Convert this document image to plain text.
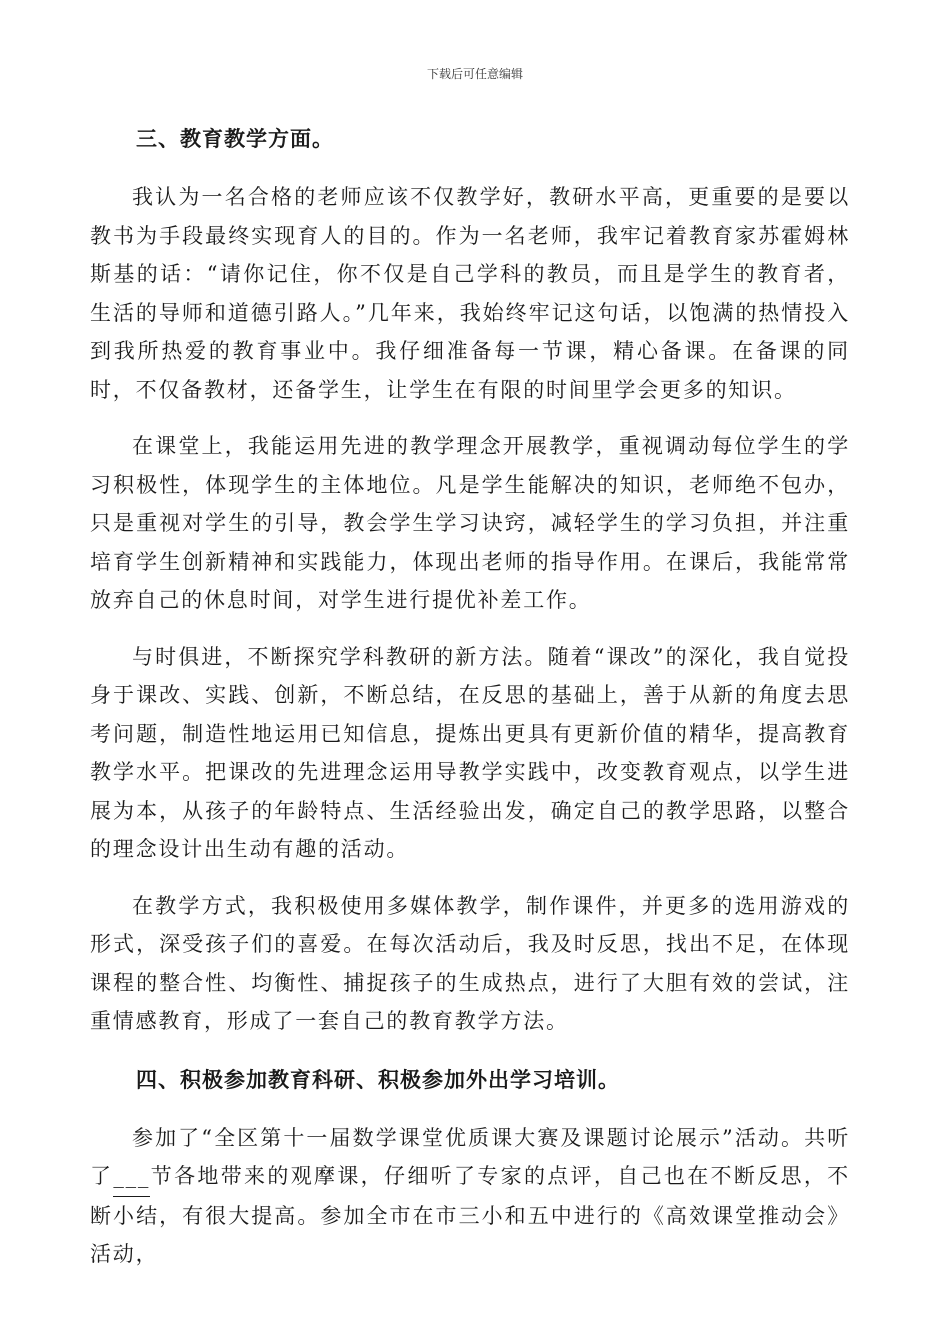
下载后可任意编辑
三、教育教学方面。

我认为一名合格的老师应该不仅教学好，教研水平高，更重要的是要以教书为手段最终实现育人的目的。作为一名老师，我牢记着教育家苏霍姆林斯基的话：“请你记住，你不仅是自己学科的教员，而且是学生的教育者，生活的导师和道德引路人。”几年来，我始终牢记这句话，以饱满的热情投入到我所热爱的教育事业中。我仔细准备每一节课，精心备课。在备课的同时，不仅备教材，还备学生，让学生在有限的时间里学会更多的知识。

在课堂上，我能运用先进的教学理念开展教学，重视调动每位学生的学习积极性，体现学生的主体地位。凡是学生能解决的知识，老师绝不包办，只是重视对学生的引导，教会学生学习诀窍，减轻学生的学习负担，并注重培育学生创新精神和实践能力，体现出老师的指导作用。在课后，我能常常放弃自己的休息时间，对学生进行提优补差工作。

与时俱进，不断探究学科教研的新方法。随着“课改”的深化，我自觉投身于课改、实践、创新，不断总结，在反思的基础上，善于从新的角度去思考问题，制造性地运用已知信息，提炼出更具有更新价值的精华，提高教育教学水平。把课改的先进理念运用导教学实践中，改变教育观点，以学生进展为本，从孩子的年龄特点、生活经验出发，确定自己的教学思路，以整合的理念设计出生动有趣的活动。

在教学方式，我积极使用多媒体教学，制作课件，并更多的选用游戏的形式，深受孩子们的喜爱。在每次活动后，我及时反思，找出不足，在体现课程的整合性、均衡性、捕捉孩子的生成热点，进行了大胆有效的尝试，注重情感教育，形成了一套自己的教育教学方法。

四、积极参加教育科研、积极参加外出学习培训。

参加了“全区第十一届数学课堂优质课大赛及课题讨论展示”活动。共听了___节各地带来的观摩课，仔细听了专家的点评，自己也在不断反思，不断小结，有很大提高。参加全市在市三小和五中进行的《高效课堂推动会》活动，
